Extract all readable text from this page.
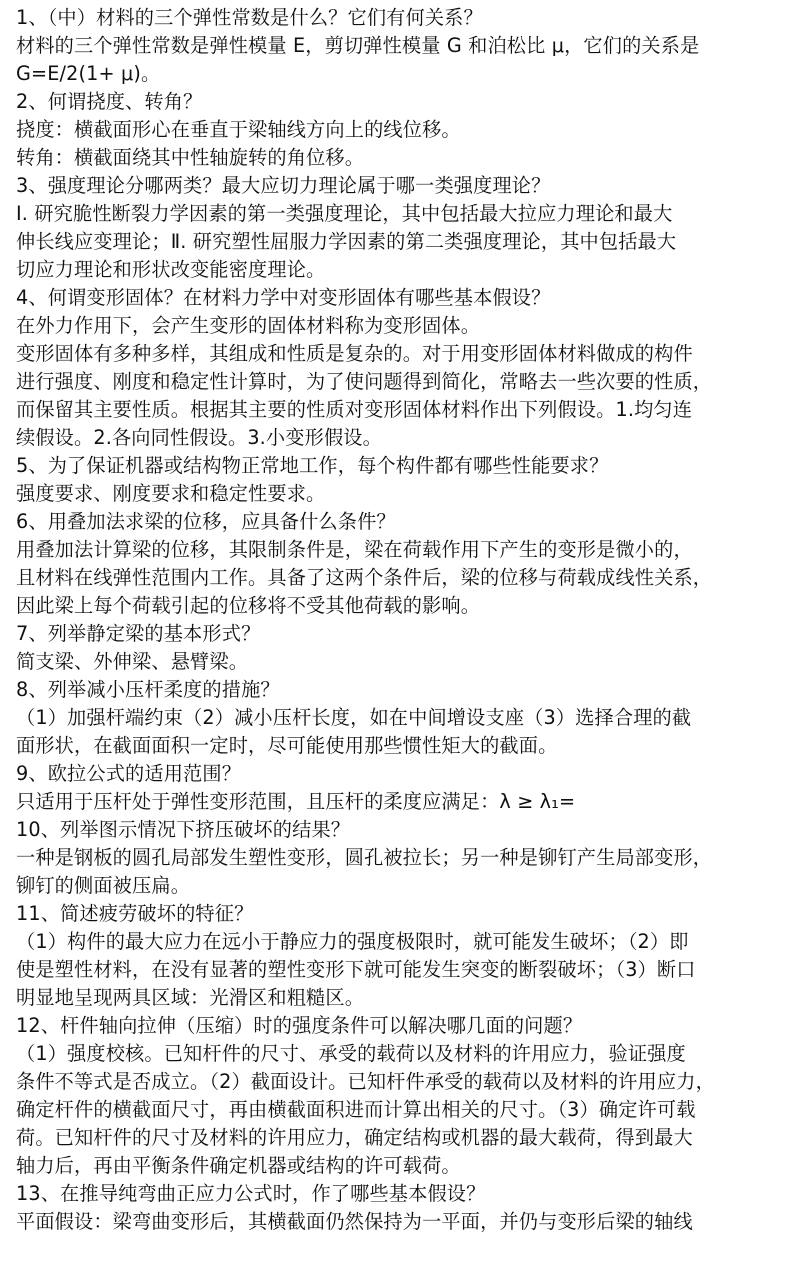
1、（中）材料的三个弹性常数是什么？它们有何关系？
材料的三个弹性常数是弹性模量 E，剪切弹性模量 G 和泊松比 μ，它们的关系是
G=E/2(1+ μ)。
2、何谓挠度、转角？
挠度：横截面形心在垂直于梁轴线方向上的线位移。
转角：横截面绕其中性轴旋转的角位移。
3、强度理论分哪两类？最大应切力理论属于哪一类强度理论？
Ⅰ. 研究脆性断裂力学因素的第一类强度理论，其中包括最大拉应力理论和最大
伸长线应变理论；Ⅱ. 研究塑性屈服力学因素的第二类强度理论，其中包括最大
切应力理论和形状改变能密度理论。
4、何谓变形固体？在材料力学中对变形固体有哪些基本假设？
在外力作用下，会产生变形的固体材料称为变形固体。
变形固体有多种多样，其组成和性质是复杂的。对于用变形固体材料做成的构件
进行强度、刚度和稳定性计算时，为了使问题得到简化，常略去一些次要的性质，
而保留其主要性质。根据其主要的性质对变形固体材料作出下列假设。1.均匀连
续假设。2.各向同性假设。3.小变形假设。
5、为了保证机器或结构物正常地工作，每个构件都有哪些性能要求？
强度要求、刚度要求和稳定性要求。
6、用叠加法求梁的位移，应具备什么条件？
用叠加法计算梁的位移，其限制条件是，梁在荷载作用下产生的变形是微小的，
且材料在线弹性范围内工作。具备了这两个条件后，梁的位移与荷载成线性关系，
因此梁上每个荷载引起的位移将不受其他荷载的影响。
7、列举静定梁的基本形式？
简支梁、外伸梁、悬臂梁。
8、列举减小压杆柔度的措施？
（1）加强杆端约束（2）减小压杆长度，如在中间增设支座（3）选择合理的截
面形状，在截面面积一定时，尽可能使用那些惯性矩大的截面。
9、欧拉公式的适用范围？
只适用于压杆处于弹性变形范围，且压杆的柔度应满足：λ ≥ λ₁=
10、列举图示情况下挤压破坏的结果？
一种是钢板的圆孔局部发生塑性变形，圆孔被拉长；另一种是铆钉产生局部变形，
铆钉的侧面被压扁。
11、简述疲劳破坏的特征？
（1）构件的最大应力在远小于静应力的强度极限时，就可能发生破坏；（2）即
使是塑性材料，在没有显著的塑性变形下就可能发生突变的断裂破坏；（3）断口
明显地呈现两具区域：光滑区和粗糙区。
12、杆件轴向拉伸（压缩）时的强度条件可以解决哪几面的问题？
（1）强度校核。已知杆件的尺寸、承受的载荷以及材料的许用应力，验证强度
条件不等式是否成立。（2）截面设计。已知杆件承受的载荷以及材料的许用应力，
确定杆件的横截面尺寸，再由横截面积进而计算出相关的尺寸。（3）确定许可载
荷。已知杆件的尺寸及材料的许用应力，确定结构或机器的最大载荷，得到最大
轴力后，再由平衡条件确定机器或结构的许可载荷。
13、在推导纯弯曲正应力公式时，作了哪些基本假设？
平面假设：梁弯曲变形后，其横截面仍然保持为一平面，并仍与变形后梁的轴线
